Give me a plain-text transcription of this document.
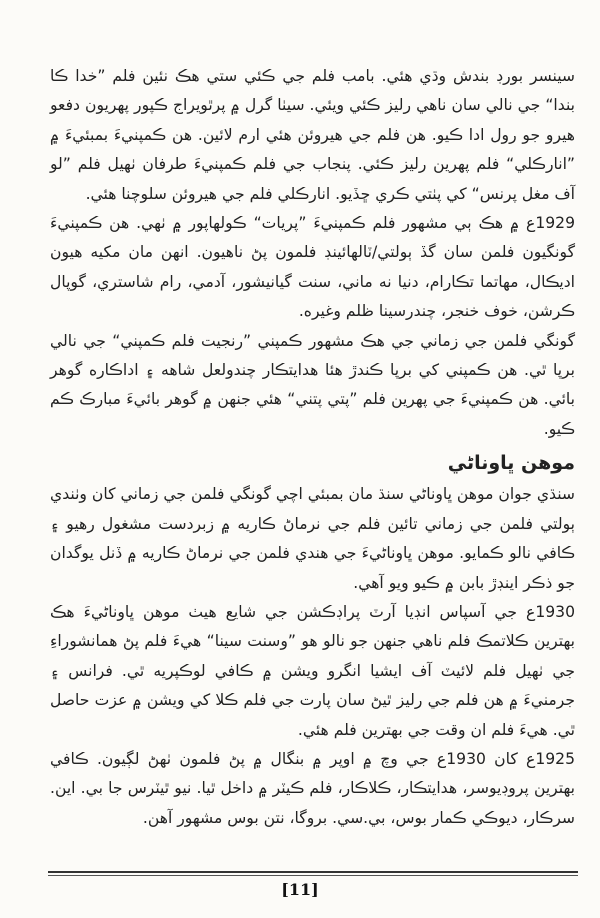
سينسر بورڊ بندش وڌي هئي. بامب فلم جي ڪئي ستي هڪ نئين فلم ”خدا ڪا بندا“ جي نالي سان ناهي رليز ڪئي ويئي. سيٺا گرل ۾ پرٿويراج ڪپور پهريون دفعو هيرو جو رول ادا ڪيو. هن فلم جي هيروئن هئي ارم لائين. هن ڪمپنيءَ بمبئيءَ ۾ ”انارڪلي“ فلم پهرين رليز ڪئي. پنجاب جي فلم ڪمپنيءَ طرفان ٺهيل فلم ”لو آف مغل پرنس“ کي پٺتي ڪري ڇڏيو. انارڪلي فلم جي هيروئن سلوچنا هئي.

1929ع ۾ هڪ ٻي مشهور فلم ڪمپنيءَ ”پريات“ ڪولهاپور ۾ ٺهي. هن ڪمپنيءَ گونگيون فلمن سان گڏ ٻولتي/ٽالهائينڊ فلمون پڻ ناهيون. انهن مان مکيه هيون اديڪال، مهاتما تڪارام، دنيا نه ماني، سنت گيانيشور، آدمي، رام شاستري، گوپال ڪرشن، خوف خنجر، چندرسينا ظلم وغيره.

گونگي فلمن جي زماني جي هڪ مشهور ڪمپني ”رنجيت فلم ڪمپني“ جي نالي برپا ٿي. هن ڪمپني کي برپا ڪندڙ هئا هدايتڪار چندولعل شاهه ۽ اداڪاره گوهر بائي. هن ڪمپنيءَ جي پهرين فلم ”پتي پتني“ هئي جنهن ۾ گوهر بائيءَ مبارڪ ڪم ڪيو.

موهن ڀاوناڻي

سنڌي جوان موهن ڀاوناڻي سنڌ مان بمبئي اچي گونگي فلمن جي زماني کان وٺندي ٻولتي فلمن جي زماني تائين فلم جي نرماڻ ڪاريه ۾ زبردست مشغول رهيو ۽ ڪافي نالو ڪمايو. موهن ڀاوناڻيءَ جي هندي فلمن جي نرماڻ ڪاريه ۾ ڏنل يوگدان جو ذڪر اينڊڙ بابن ۾ ڪيو ويو آهي.

1930ع جي آسپاس انڊيا آرٽ پراڊڪشن جي شايع هيٺ موهن ڀاوناڻيءَ هڪ بهترين ڪلاتمڪ فلم ناهي جنهن جو نالو هو ”وسنت سينا“ هيءَ فلم پڻ همانشوراءِ جي ٺهيل فلم لائيٽ آف ايشيا انگرو ويشن ۾ ڪافي لوڪپريه ٿي. فرانس ۽ جرمنيءَ ۾ هن فلم جي رليز ٿيڻ سان پارت جي فلم ڪلا کي ويشن ۾ عزت حاصل ٿي. هيءَ فلم ان وقت جي بهترين فلم هئي.

1925ع کان 1930ع جي وچ ۾ اوپر ۾ بنگال ۾ پڻ فلمون ٺهڻ لڳيون. ڪافي بهترين پروڊيوسر، هدايتڪار، ڪلاڪار، فلم ڪيٽر ۾ داخل ٿيا. نيو ٿيٽرس جا بي. اين. سرڪار، ديوڪي ڪمار بوس، بي.سي. بروگا، نتن بوس مشهور آهن.

[11]
